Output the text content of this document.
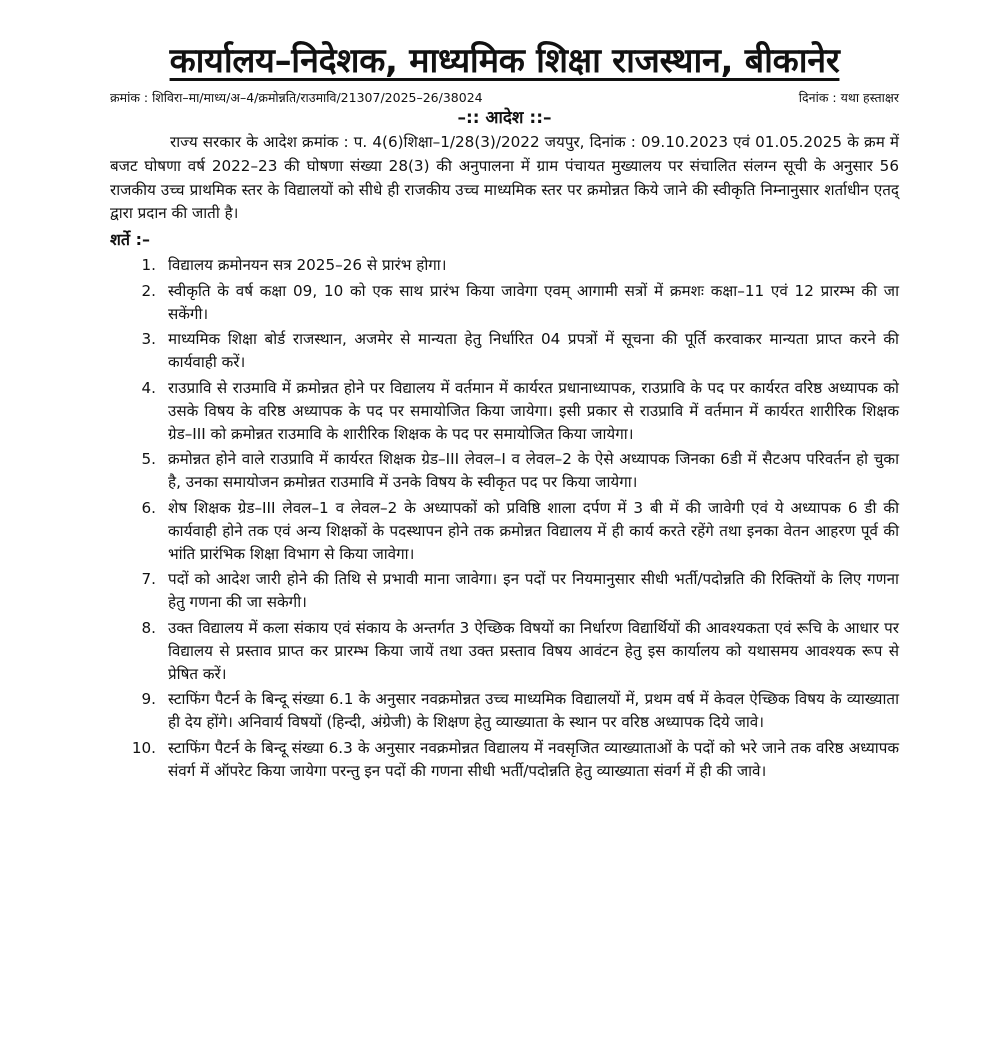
कार्यालय–निदेशक, माध्यमिक शिक्षा राजस्थान, बीकानेर
क्रमांक : शिविरा–मा/माध्य/अ–4/क्रमोन्नति/राउमावि/21307/2025–26/38024	दिनांक : यथा हस्ताक्षर
–:: आदेश ::–

राज्य सरकार के आदेश क्रमांक : प. 4(6)शिक्षा–1/28(3)/2022 जयपुर, दिनांक : 09.10.2023 एवं 01.05.2025 के क्रम में बजट घोषणा वर्ष 2022–23 की घोषणा संख्या 28(3) की अनुपालना में ग्राम पंचायत मुख्यालय पर संचालित संलग्न सूची के अनुसार 56 राजकीय उच्च प्राथमिक स्तर के विद्यालयों को सीधे ही राजकीय उच्च माध्यमिक स्तर पर क्रमोन्नत किये जाने की स्वीकृति निम्नानुसार शर्ताधीन एतद् द्वारा प्रदान की जाती है।

शर्ते :–
1. विद्यालय क्रमोनयन सत्र 2025–26 से प्रारंभ होगा।
2. स्वीकृति के वर्ष कक्षा 09, 10 को एक साथ प्रारंभ किया जावेगा एवम् आगामी सत्रों में क्रमशः कक्षा–11 एवं 12 प्रारम्भ की जा सकेंगी।
3. माध्यमिक शिक्षा बोर्ड राजस्थान, अजमेर से मान्यता हेतु निर्धारित 04 प्रपत्रों में सूचना की पूर्ति करवाकर मान्यता प्राप्त करने की कार्यवाही करें।
4. राउप्रावि से राउमावि में क्रमोन्नत होने पर विद्यालय में वर्तमान में कार्यरत प्रधानाध्यापक, राउप्रावि के पद पर कार्यरत वरिष्ठ अध्यापक को उसके विषय के वरिष्ठ अध्यापक के पद पर समायोजित किया जायेगा। इसी प्रकार से राउप्रावि में वर्तमान में कार्यरत शारीरिक शिक्षक ग्रेड–III को क्रमोन्नत राउमावि के शारीरिक शिक्षक के पद पर समायोजित किया जायेगा।
5. क्रमोन्नत होने वाले राउप्रावि में कार्यरत शिक्षक ग्रेड–III लेवल–I व लेवल–2 के ऐसे अध्यापक जिनका 6डी में सैटअप परिवर्तन हो चुका है, उनका समायोजन क्रमोन्नत राउमावि में उनके विषय के स्वीकृत पद पर किया जायेगा।
6. शेष शिक्षक ग्रेड–III लेवल–1 व लेवल–2 के अध्यापकों को प्रविष्ठि शाला दर्पण में 3 बी में की जावेगी एवं ये अध्यापक 6 डी की कार्यवाही होने तक एवं अन्य शिक्षकों के पदस्थापन होने तक क्रमोन्नत विद्यालय में ही कार्य करते रहेंगे तथा इनका वेतन आहरण पूर्व की भांति प्रारंभिक शिक्षा विभाग से किया जावेगा।
7. पदों को आदेश जारी होने की तिथि से प्रभावी माना जावेगा। इन पदों पर नियमानुसार सीधी भर्ती/पदोन्नति की रिक्तियों के लिए गणना हेतु गणना की जा सकेगी।
8. उक्त विद्यालय में कला संकाय एवं संकाय के अन्तर्गत 3 ऐच्छिक विषयों का निर्धारण विद्यार्थियों की आवश्यकता एवं रूचि के आधार पर विद्यालय से प्रस्ताव प्राप्त कर प्रारम्भ किया जायें तथा उक्त प्रस्ताव विषय आवंटन हेतु इस कार्यालय को यथासमय आवश्यक रूप से प्रेषित करें।
9. स्टाफिंग पैटर्न के बिन्दू संख्या 6.1 के अनुसार नवक्रमोन्नत उच्च माध्यमिक विद्यालयों में, प्रथम वर्ष में केवल ऐच्छिक विषय के व्याख्याता ही देय होंगे। अनिवार्य विषयों (हिन्दी, अंग्रेजी) के शिक्षण हेतु व्याख्याता के स्थान पर वरिष्ठ अध्यापक दिये जावे।
10. स्टाफिंग पैटर्न के बिन्दू संख्या 6.3 के अनुसार नवक्रमोन्नत विद्यालय में नवसृजित व्याख्याताओं के पदों को भरे जाने तक वरिष्ठ अध्यापक संवर्ग में ऑपरेट किया जायेगा परन्तु इन पदों की गणना सीधी भर्ती/पदोन्नति हेतु व्याख्याता संवर्ग में ही की जावे।
